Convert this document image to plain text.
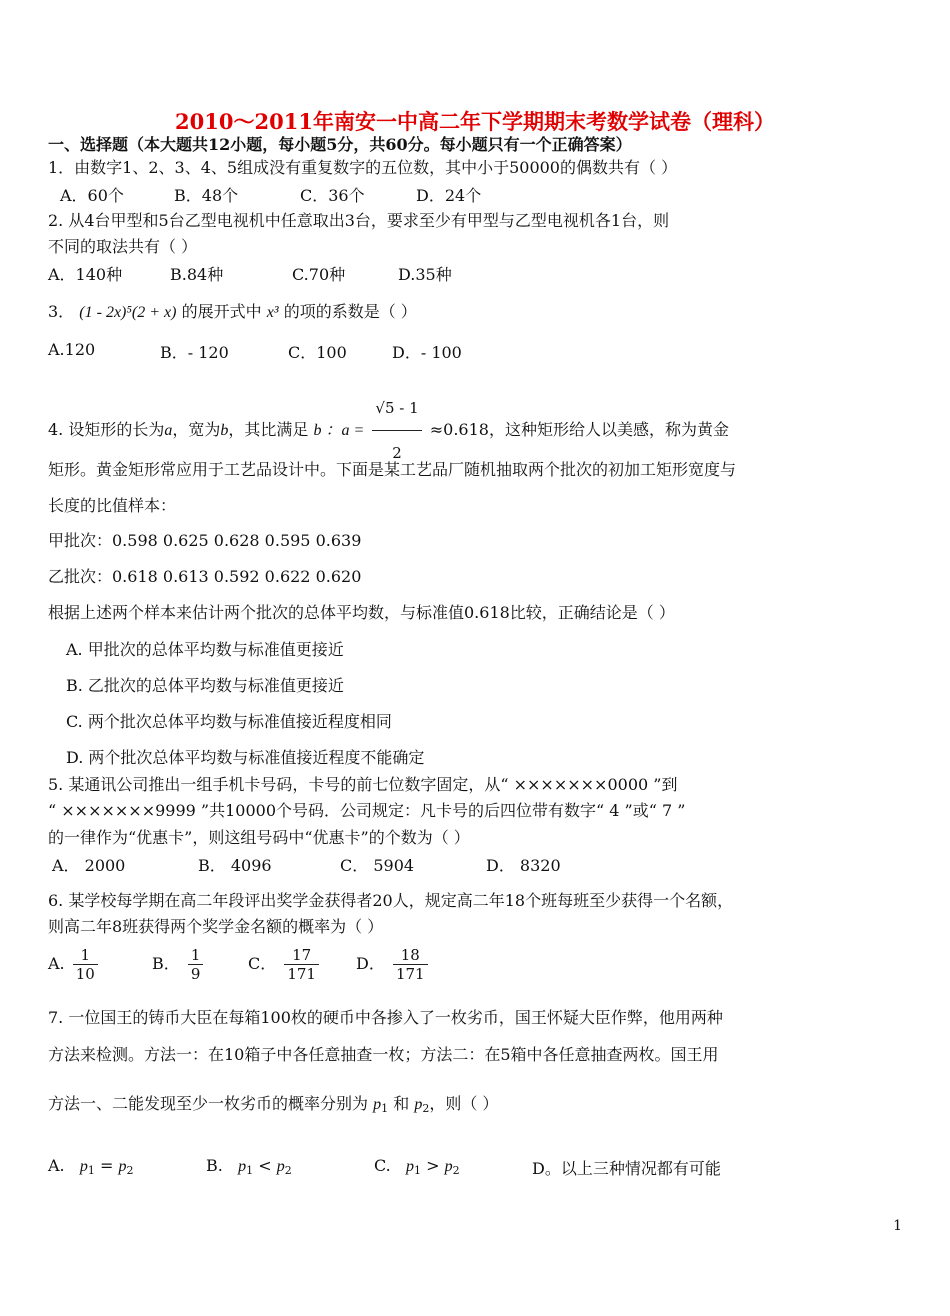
2010～2011年南安一中高二年下学期期末考数学试卷（理科）
一、选择题（本大题共12小题，每小题5分，共60分。每小题只有一个正确答案）
1．由数字1、2、3、4、5组成没有重复数字的五位数，其中小于50000的偶数共有（ ）
A．60个	B．48个	C．36个	D．24个
2. 从4台甲型和5台乙型电视机中任意取出3台，要求至少有甲型与乙型电视机各1台，则
不同的取法共有（ ）
A．140种	B.84种	C.70种	D.35种
3． (1 - 2x)⁵(2 + x) 的展开式中 x³ 的项的系数是（ ）
A.120	B．- 120	C．100	D．- 100
4. 设矩形的长为a，宽为b，其比满足 b ：$a = \frac{√5 - 1}{2} \approx 0.618$，这种矩形给人以美感，称为黄金
矩形。黄金矩形常应用于工艺品设计中。下面是某工艺品厂随机抽取两个批次的初加工矩形宽度与
长度的比值样本：
甲批次：0.598 0.625 0.628 0.595 0.639
乙批次：0.618 0.613 0.592 0.622 0.620
根据上述两个样本来估计两个批次的总体平均数，与标准值0.618比较，正确结论是（ ）
A. 甲批次的总体平均数与标准值更接近
B. 乙批次的总体平均数与标准值更接近
C. 两个批次总体平均数与标准值接近程度相同
D. 两个批次总体平均数与标准值接近程度不能确定
5. 某通讯公司推出一组手机卡号码，卡号的前七位数字固定，从“ ×××××××0000 ”到
“ ×××××××9999 ”共10000个号码．公司规定：凡卡号的后四位带有数字“ 4 ”或“ 7 ”
的一律作为“优惠卡”，则这组号码中“优惠卡”的个数为（ ）
A． 2000	B． 4096	C． 5904	D． 8320
6. 某学校每学期在高二年段评出奖学金获得者20人，规定高二年18个班每班至少获得一个名额，
则高二年8班获得两个奖学金名额的概率为（ ）
A. $\frac{1}{10}$	B． $\frac{1}{9}$	C． $\frac{17}{171}$ D． $\frac{18}{171}$
7. 一位国王的铸币大臣在每箱100枚的硬币中各掺入了一枚劣币，国王怀疑大臣作弊，他用两种
方法来检测。方法一：在10箱子中各任意抽查一枚；方法二：在5箱中各任意抽查两枚。国王用
方法一、二能发现至少一枚劣币的概率分别为 $p_1$ 和 $p_2$，则（ ）
A. $p_1 = p_2$	B. $p_1 < p_2$	C. $p_1 > p_2$	D。以上三种情况都有可能
1
